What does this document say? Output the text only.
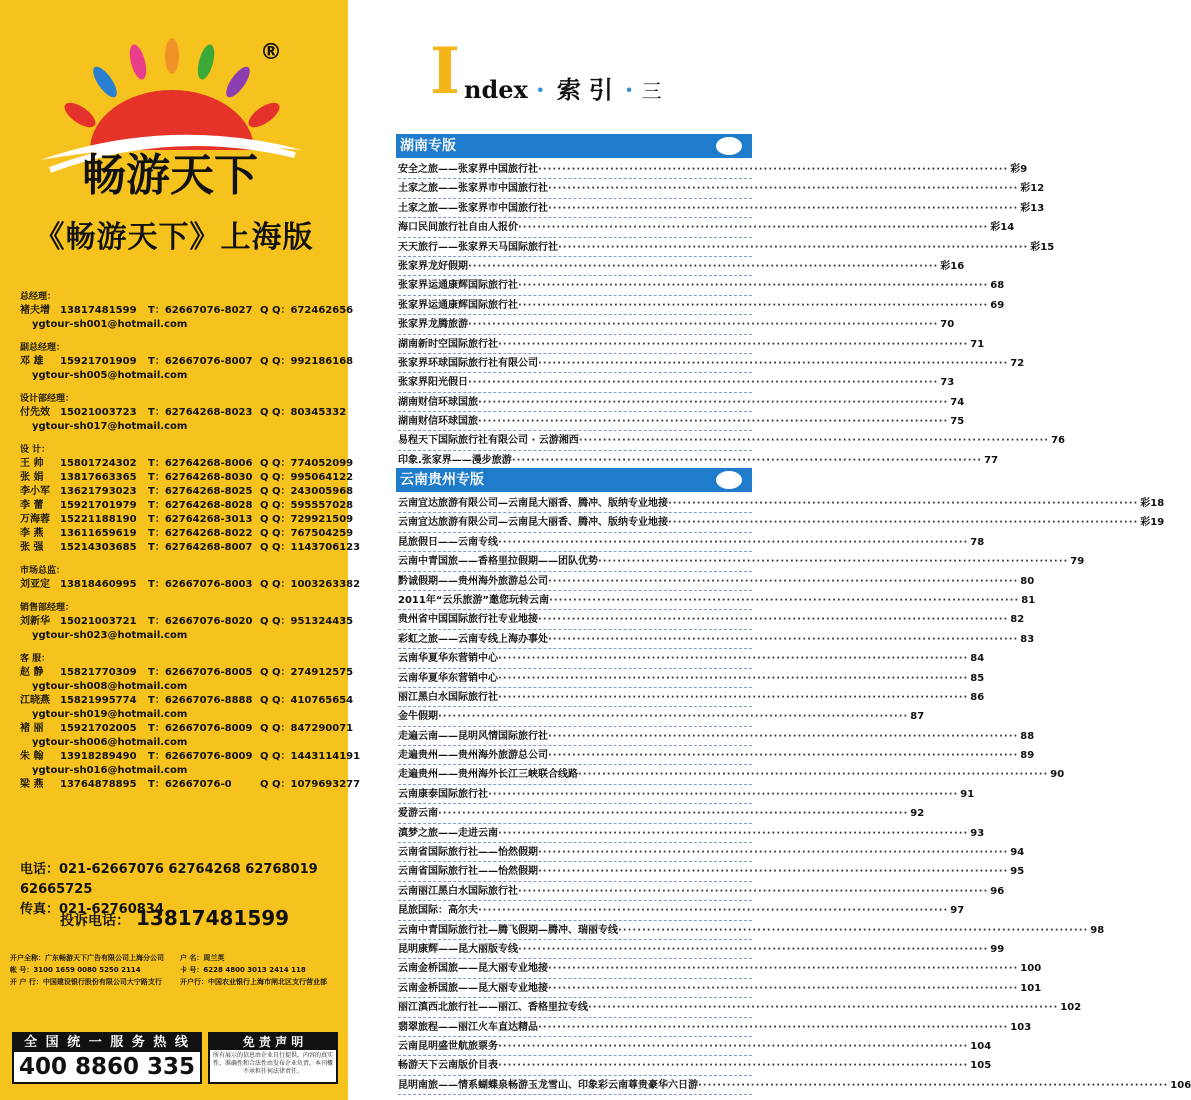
畅游天下
®
《畅游天下》上海版
总经理：
褚夫增	13817481599	T：62667076-8027 Q Q：672462656
ygtour-sh001@hotmail.com
副总经理：
邓 雄	15921701909	T：62667076-8007 Q Q：992186168
ygtour-sh005@hotmail.com
设计部经理：
付先效	15021003723	T：62764268-8023 Q Q：80345332
ygtour-sh017@hotmail.com
设 计：
王 帅	15801724302	T：62764268-8006 Q Q：774052099
张 娟	13817663365	T：62764268-8030 Q Q：995064122
李小军	13621793023	T：62764268-8025 Q Q：243005968
李 蕾	15921701979	T：62764268-8028 Q Q：595557028
万海蓉	15221188190	T：62764268-3013 Q Q：729921509
李 燕	13611659619	T：62764268-8022 Q Q：767504259
张 强	15214303685	T：62764268-8007 Q Q：1143706123
市场总监：
刘亚定	13818460995	T：62667076-8003 Q Q：1003263382
销售部经理：
刘新华	15021003721	T：62667076-8020 Q Q：951324435
ygtour-sh023@hotmail.com
客 服：
赵 静	15821770309	T：62667076-8005 Q Q：274912575
ygtour-sh008@hotmail.com
江晓燕	15821995774	T：62667076-8888 Q Q：410765654
ygtour-sh019@hotmail.com
褚 丽	15921702005	T：62667076-8009 Q Q：847290071
ygtour-sh006@hotmail.com
朱 翰	13918289490	T：62667076-8009 Q Q：1443114191
ygtour-sh016@hotmail.com
梁 燕	13764878895	T：62667076-0	Q Q：1079693277
电话：021-62667076 62764268 62768019 62665725
传真：021-62760834
投诉电话： 13817481599
开户全称：广东畅游天下广告有限公司上海分公司	户 名：周兰英
帐 号：3100 1659 0080 5250 2114	卡 号：6228 4800 3013 2414 118
开 户 行：中国建设银行股份有限公司大宁路支行	开户行：中国农业银行上海市闸北区支行营业部
全 国 统 一 服 务 热 线
400 8860 335
免 责 声 明
所有展示的信息由企业自行提供，内容的真实性、准确性和合法性由发布企业负责，本刊概不承担任何法律责任。
I ndex · 索引 · 三
湖南专版
安全之旅——张家界中国旅行社 ·····	彩9
土家之旅——张家界市中国旅行社 ·····	彩12
土家之旅——张家界市中国旅行社 ·····	彩13
海口民间旅行社自由人报价 ·····	彩14
天天旅行——张家界天马国际旅行社 ·····	彩15
张家界龙好假期 ·····	彩16
张家界运通康辉国际旅行社 ·····	68
张家界运通康辉国际旅行社 ·····	69
张家界龙腾旅游 ·····	70
湖南新时空国际旅行社 ·····	71
张家界环球国际旅行社有限公司 ·····	72
张家界阳光假日 ·····	73
湖南财信环球国旅 ·····	74
湖南财信环球国旅 ·····	75
易程天下国际旅行社有限公司 · 云游湘西 ·····	76
印象.张家界——漫步旅游 ·····	77
云南贵州专版
云南宜达旅游有限公司—云南昆大丽香、腾冲、版纳专业地接 ·····	彩18
云南宜达旅游有限公司—云南昆大丽香、腾冲、版纳专业地接 ·····	彩19
昆旅假日——云南专线 ·····	78
云南中青国旅——香格里拉假期——团队优势 ·····	79
黔诚假期——贵州海外旅游总公司 ·····	80
2011年“云乐旅游”邀您玩转云南 ·····	81
贵州省中国国际旅行社专业地接 ·····	82
彩虹之旅——云南专线上海办事处 ·····	83
云南华夏华东营销中心 ·····	84
云南华夏华东营销中心 ·····	85
丽江黑白水国际旅行社 ·····	86
金牛假期 ·····	87
走遍云南——昆明风情国际旅行社 ·····	88
走遍贵州——贵州海外旅游总公司 ·····	89
走遍贵州——贵州海外长江三峡联合线路 ·····	90
云南康泰国际旅行社 ·····	91
爱游云南 ·····	92
滇梦之旅——走进云南 ·····	93
云南省国际旅行社——怡然假期 ·····	94
云南省国际旅行社——怡然假期 ·····	95
云南丽江黑白水国际旅行社 ·····	96
昆旅国际：高尔夫 ·····	97
云南中青国际旅行社—腾飞假期—腾冲、瑞丽专线 ·····	98
昆明康辉——昆大丽版专线 ·····	99
云南金桥国旅——昆大丽专业地接 ·····	100
云南金桥国旅——昆大丽专业地接 ·····	101
丽江滇西北旅行社——丽江、香格里拉专线 ·····	102
翡翠旅程——丽江火车直达精品 ·····	103
云南昆明盛世航旅票务 ·····	104
畅游天下云南版价目表 ·····	105
昆明南旅——情系蝴蝶泉畅游玉龙雪山、印象彩云南尊贵豪华六日游 ·····	106
